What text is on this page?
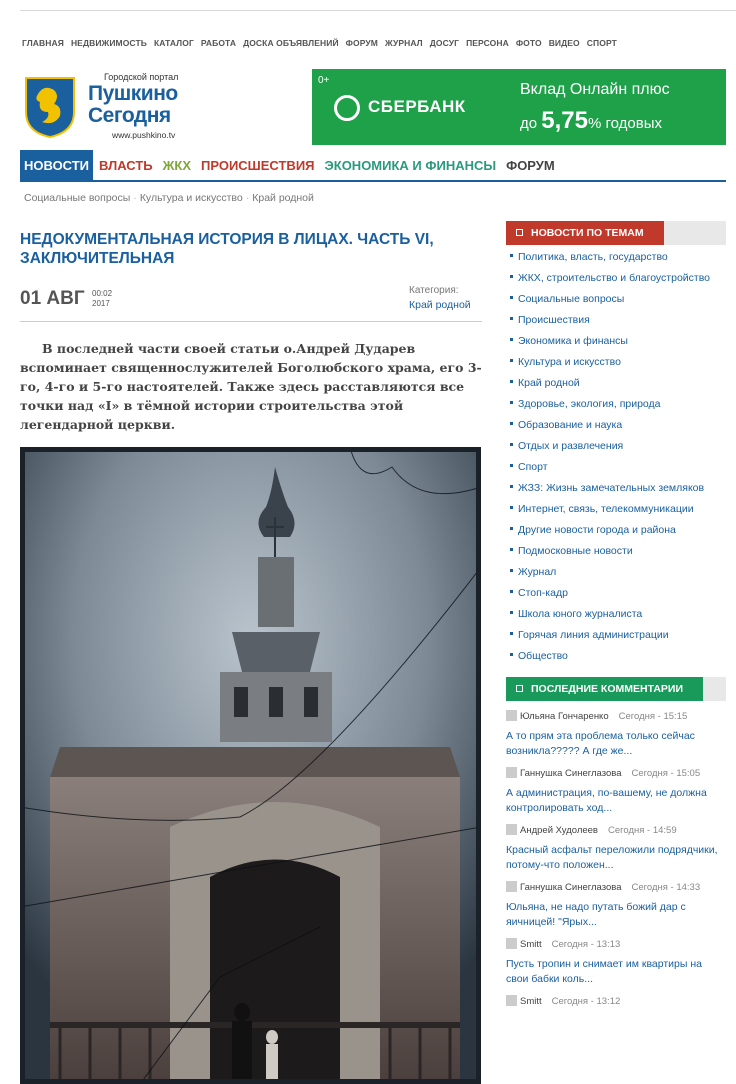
ГЛАВНАЯ НЕДВИЖИМОСТЬ КАТАЛОГ РАБОТА ДОСКА ОБЪЯВЛЕНИЙ ФОРУМ ЖУРНАЛ ДОСУГ ПЕРСОНА ФОТО ВИДЕО СПОРТ
Городской портал
Пушкино
Сегодня
www.pushkino.tv
0+
СБЕРБАНК
Вклад Онлайн плюс
до 5,75% годовых
НОВОСТИ ВЛАСТЬ ЖКХ ПРОИСШЕСТВИЯ ЭКОНОМИКА И ФИНАНСЫ ФОРУМ
Социальные вопросы · Культура и искусство · Край родной
НЕДОКУМЕНТАЛЬНАЯ ИСТОРИЯ В ЛИЦАХ. ЧАСТЬ VI, ЗАКЛЮЧИТЕЛЬНАЯ
01 АВГ 00:02
2017
Категория:
Край родной

В последней части своей статьи о.Андрей Дударев вспоминает священнослужителей Боголюбского храма, его 3-го, 4-го и 5-го настоятелей. Также здесь расставляются все точки над «I» в тёмной истории строительства этой легендарной церкви.

НОВОСТИ ПО ТЕМАМ
Политика, власть, государство
ЖКХ, строительство и благоустройство
Социальные вопросы
Происшествия
Экономика и финансы
Культура и искусство
Край родной
Здоровье, экология, природа
Образование и наука
Отдых и развлечения
Спорт
ЖЗЗ: Жизнь замечательных земляков
Интернет, связь, телекоммуникации
Другие новости города и района
Подмосковные новости
Журнал
Стоп-кадр
Школа юного журналиста
Горячая линия администрации
Общество
ПОСЛЕДНИЕ КОММЕНТАРИИ
Юльяна Гончаренко Сегодня - 15:15
А то прям эта проблема только сейчас возникла????? А где же...
Ганнушка Синеглазова Сегодня - 15:05
А администрация, по-вашему, не должна контролировать ход...
Андрей Худолеев Сегодня - 14:59
Красный асфальт переложили подрядчики, потому-что положен...
Ганнушка Синеглазова Сегодня - 14:33
Юльяна, не надо путать божий дар с яичницей! "Ярых...
Smitt Сегодня - 13:13
Пусть тропин и снимает им квартиры на свои бабки коль...
Smitt Сегодня - 13:12
